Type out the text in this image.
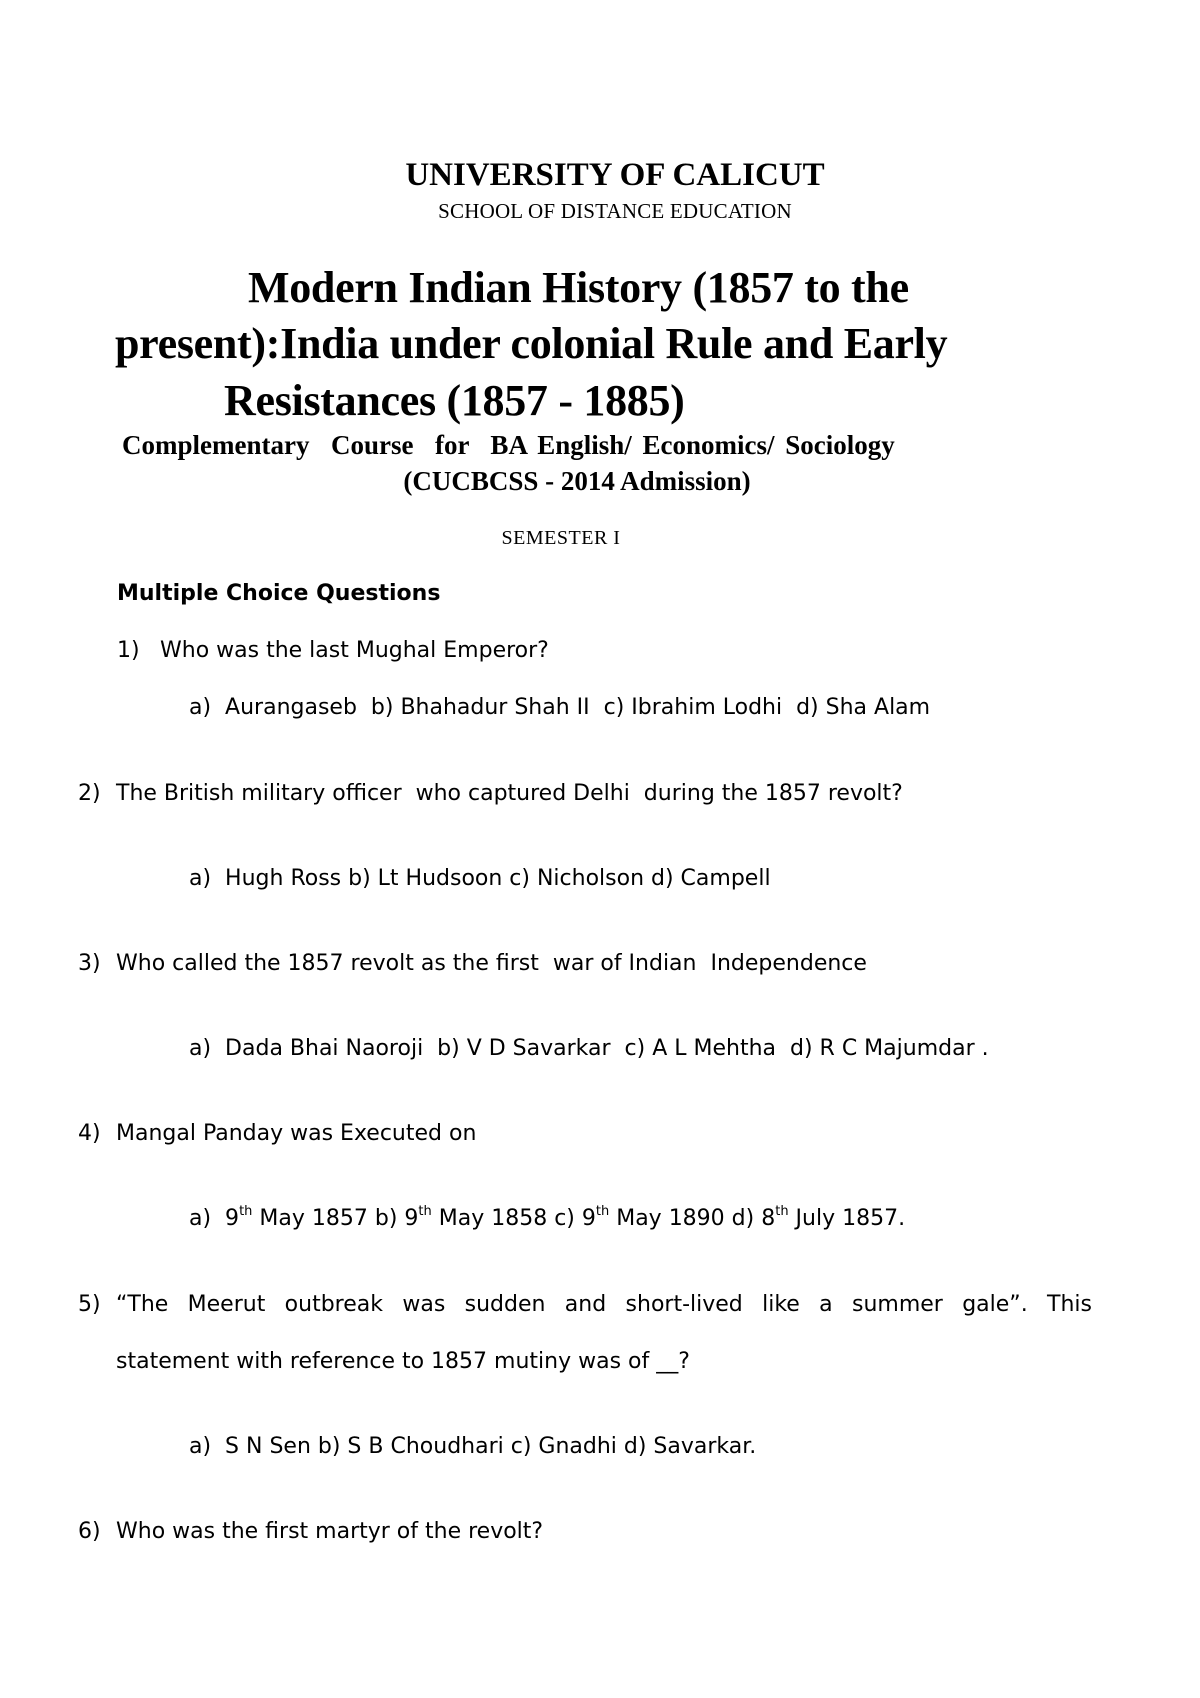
UNIVERSITY OF CALICUT
SCHOOL OF DISTANCE EDUCATION
Modern Indian History (1857 to the
present):India under colonial Rule and Early
Resistances (1857 - 1885)
Complementary  Course  for  BA English/ Economics/ Sociology
(CUCBCSS - 2014 Admission)
SEMESTER I
Multiple Choice Questions
1) Who was the last Mughal Emperor?
a)  Aurangaseb  b) Bhahadur Shah II  c) Ibrahim Lodhi  d) Sha Alam
2) The British military officer  who captured Delhi  during the 1857 revolt?
a)  Hugh Ross b) Lt Hudsoon c) Nicholson d) Campell
3) Who called the 1857 revolt as the first  war of Indian  Independence
a)  Dada Bhai Naoroji  b) V D Savarkar  c) A L Mehtha  d) R C Majumdar .
4) Mangal Panday was Executed on
a)  9th May 1857 b) 9th May 1858 c) 9th May 1890 d) 8th July 1857.
5) “The Meerut outbreak was sudden and short-lived like a summer gale”. This
statement with reference to 1857 mutiny was of __?
a)  S N Sen b) S B Choudhari c) Gnadhi d) Savarkar.
6) Who was the first martyr of the revolt?
